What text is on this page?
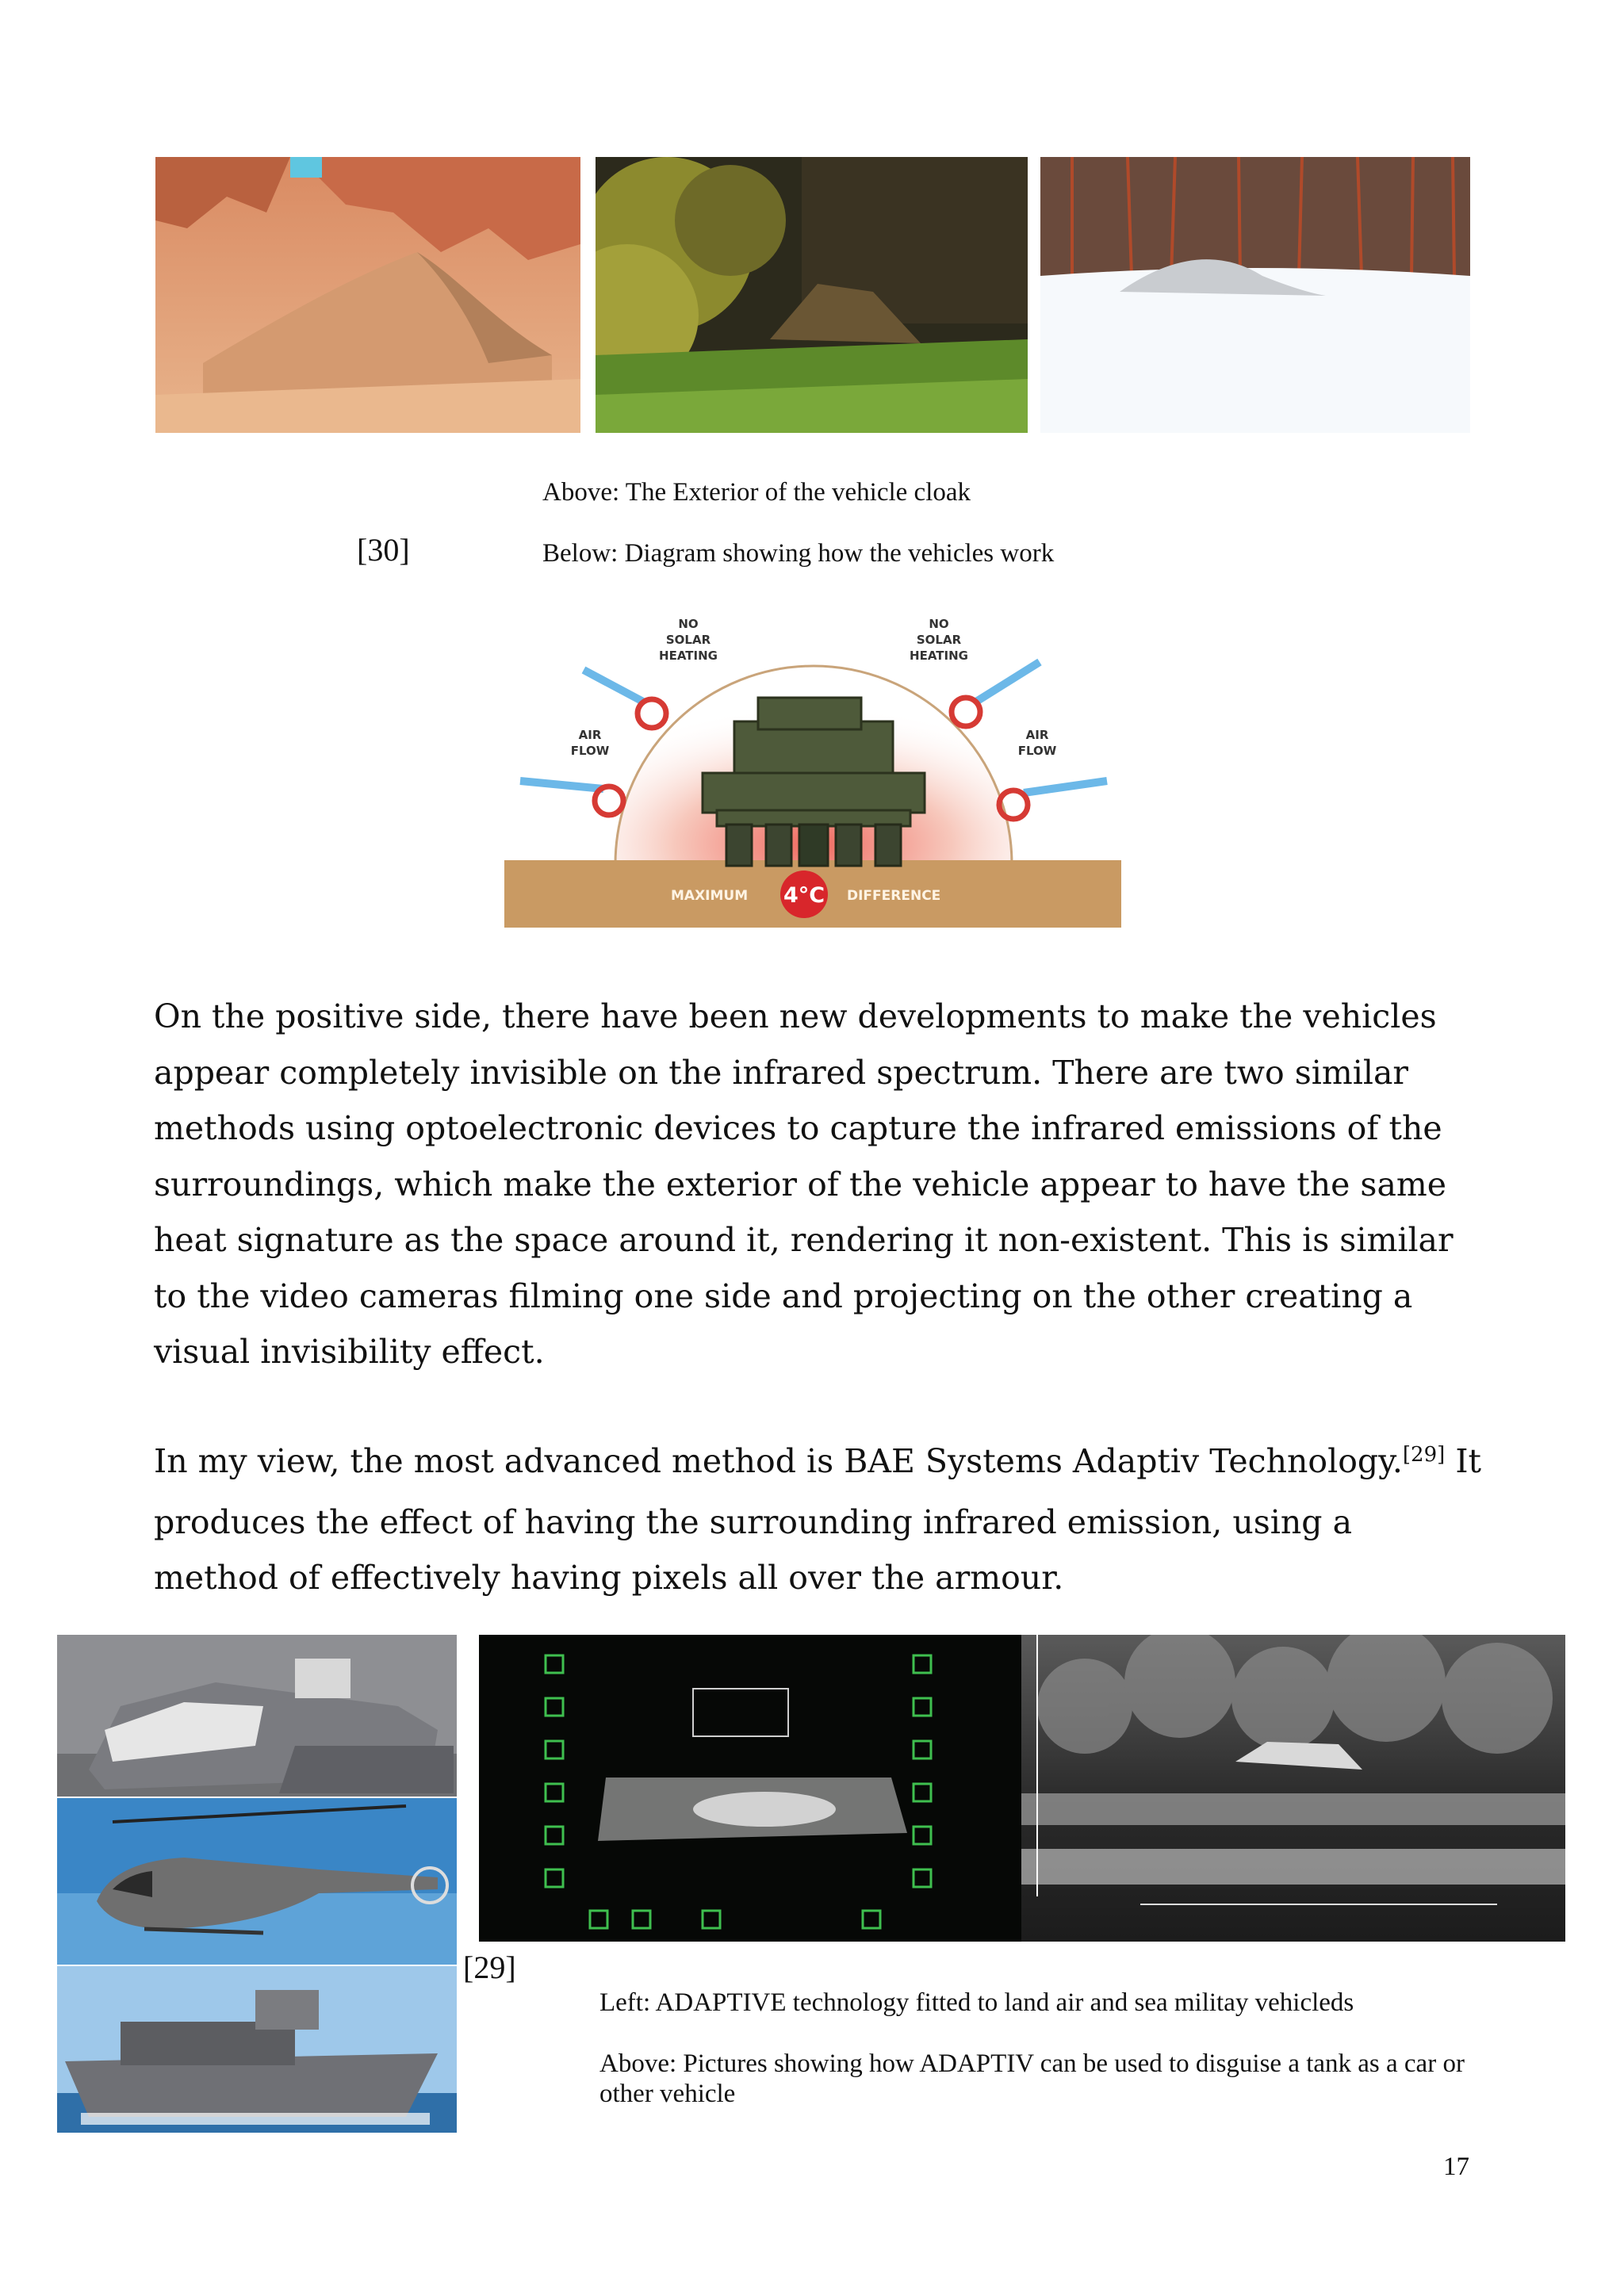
Above: The Exterior of the vehicle cloak
[30]	Below: Diagram showing how the vehicles work
NO SOLAR HEATING
NO SOLAR HEATING
AIR FLOW
AIR FLOW
MAXIMUM	DIFFERENCE
4°C
On the positive side, there have been new developments to make the vehicles appear completely invisible on the infrared spectrum. There are two similar methods using optoelectronic devices to capture the infrared emissions of the surroundings, which make the exterior of the vehicle appear to have the same heat signature as the space around it, rendering it non-existent. This is similar to the video cameras filming one side and projecting on the other creating a visual invisibility effect.
In my view, the most advanced method is BAE Systems Adaptiv Technology.[29] It produces the effect of having the surrounding infrared emission, using a method of effectively having pixels all over the armour.
[29]
Left: ADAPTIVE technology fitted to land air and sea militay vehicleds
Above: Pictures showing how ADAPTIV can be used to disguise a tank as a car or other vehicle
17
